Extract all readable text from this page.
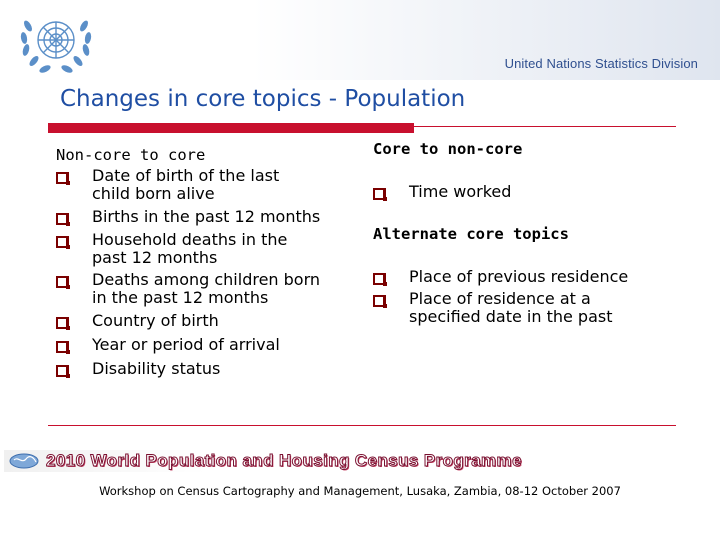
United Nations Statistics Division
Changes in core topics - Population
Non-core to core
Date of birth of the last
child born alive
Births in the past 12 months
Household deaths in the
past 12 months
Deaths among children born
in the past 12 months
Country of birth
Year or period of arrival
Disability status
Core to non-core
Time worked
Alternate core topics
Place of previous residence
Place of residence at a
specified date in the past
2010 World Population and Housing Census Programme
Workshop on Census Cartography and Management, Lusaka, Zambia, 08-12 October 2007
